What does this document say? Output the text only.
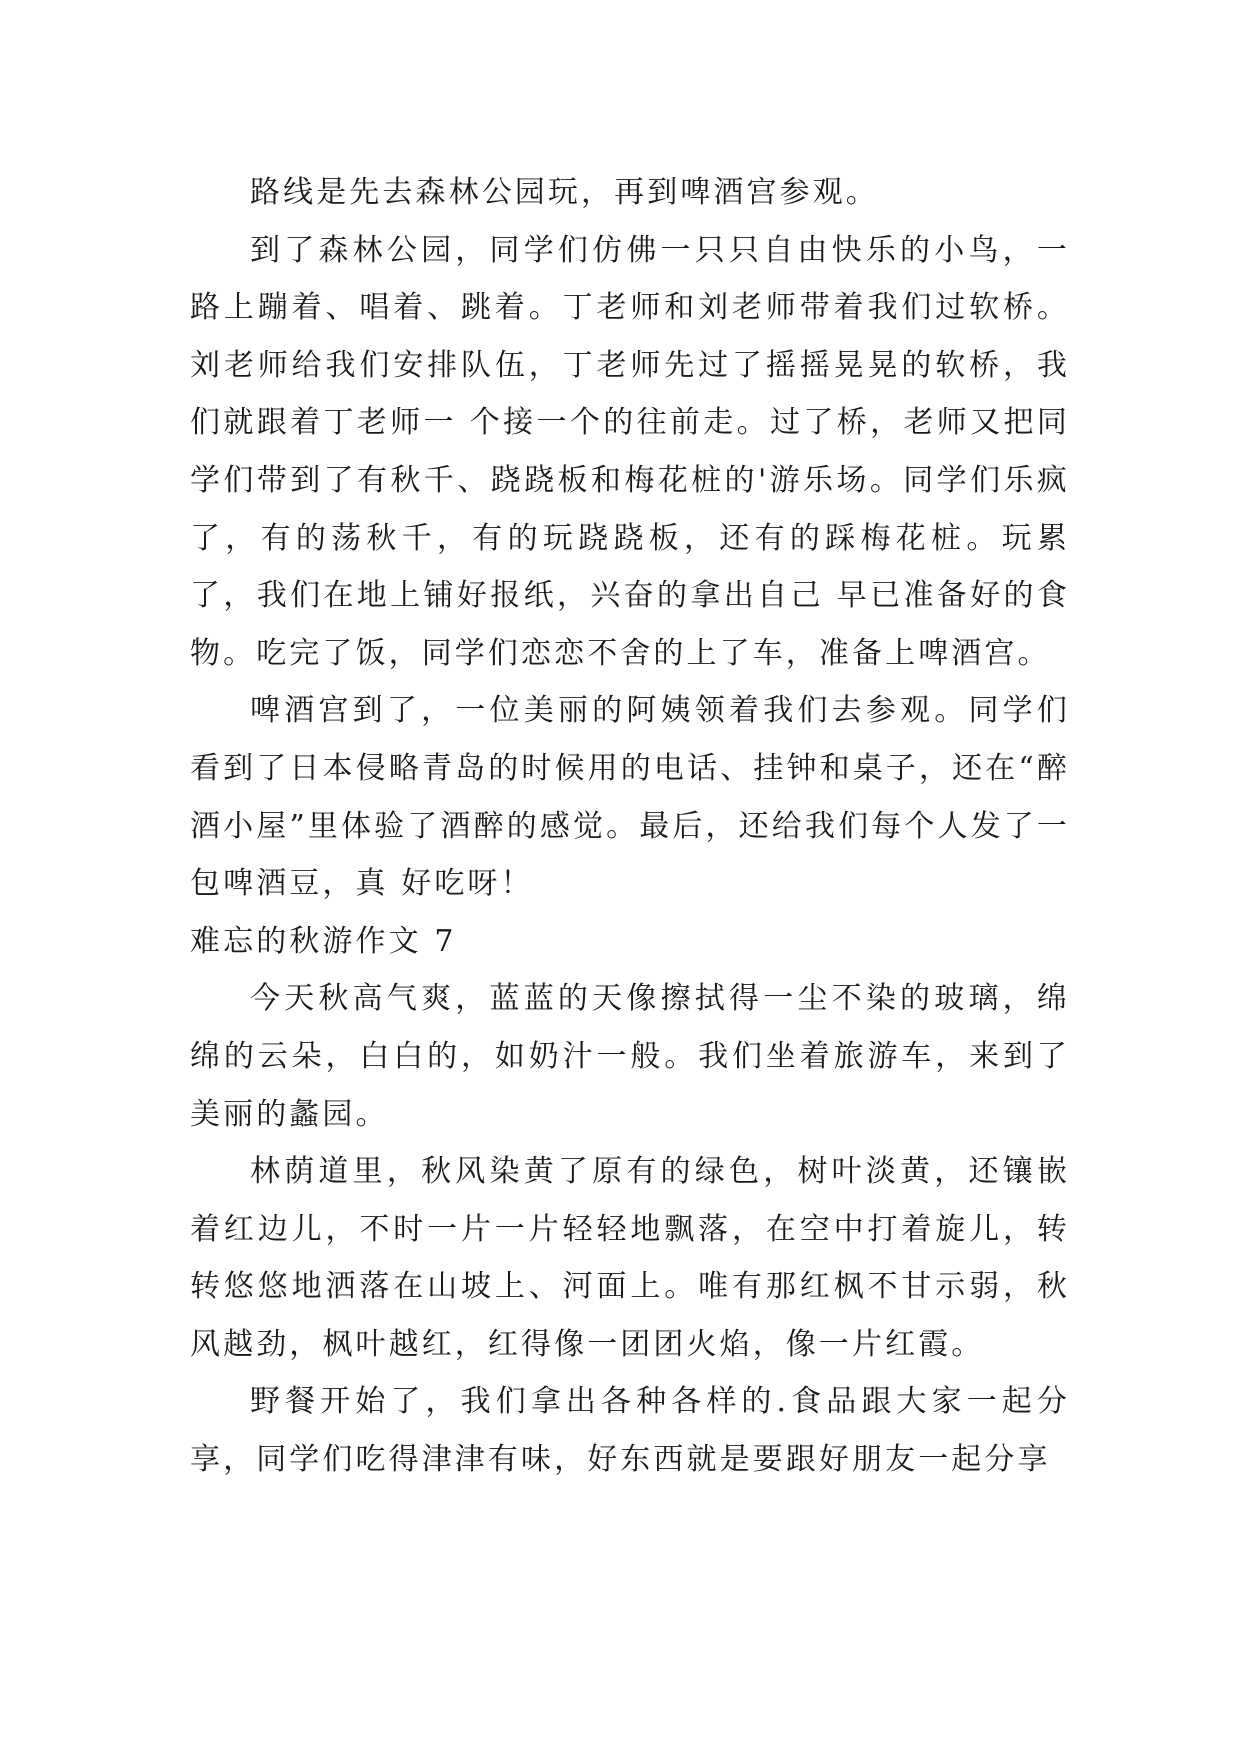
路线是先去森林公园玩，再到啤酒宫参观。

到了森林公园，同学们仿佛一只只自由快乐的小鸟，一路上蹦着、唱着、跳着。丁老师和刘老师带着我们过软桥。刘老师给我们安排队伍，丁老师先过了摇摇晃晃的软桥，我们就跟着丁老师一 个接一个的往前走。过了桥，老师又把同学们带到了有秋千、跷跷板和梅花桩的'游乐场。同学们乐疯了，有的荡秋千，有的玩跷跷板，还有的踩梅花桩。玩累了，我们在地上铺好报纸，兴奋的拿出自己 早已准备好的食物。吃完了饭，同学们恋恋不舍的上了车，准备上啤酒宫。

啤酒宫到了，一位美丽的阿姨领着我们去参观。同学们看到了日本侵略青岛的时候用的电话、挂钟和桌子，还在“醉酒小屋”里体验了酒醉的感觉。最后，还给我们每个人发了一包啤酒豆，真 好吃呀！

难忘的秋游作文 7

今天秋高气爽，蓝蓝的天像擦拭得一尘不染的玻璃，绵绵的云朵，白白的，如奶汁一般。我们坐着旅游车，来到了美丽的蠡园。

林荫道里，秋风染黄了原有的绿色，树叶淡黄，还镶嵌着红边儿，不时一片一片轻轻地飘落，在空中打着旋儿，转转悠悠地洒落在山坡上、河面上。唯有那红枫不甘示弱，秋风越劲，枫叶越红，红得像一团团火焰，像一片红霞。

野餐开始了，我们拿出各种各样的.食品跟大家一起分享，同学们吃得津津有味，好东西就是要跟好朋友一起分享
